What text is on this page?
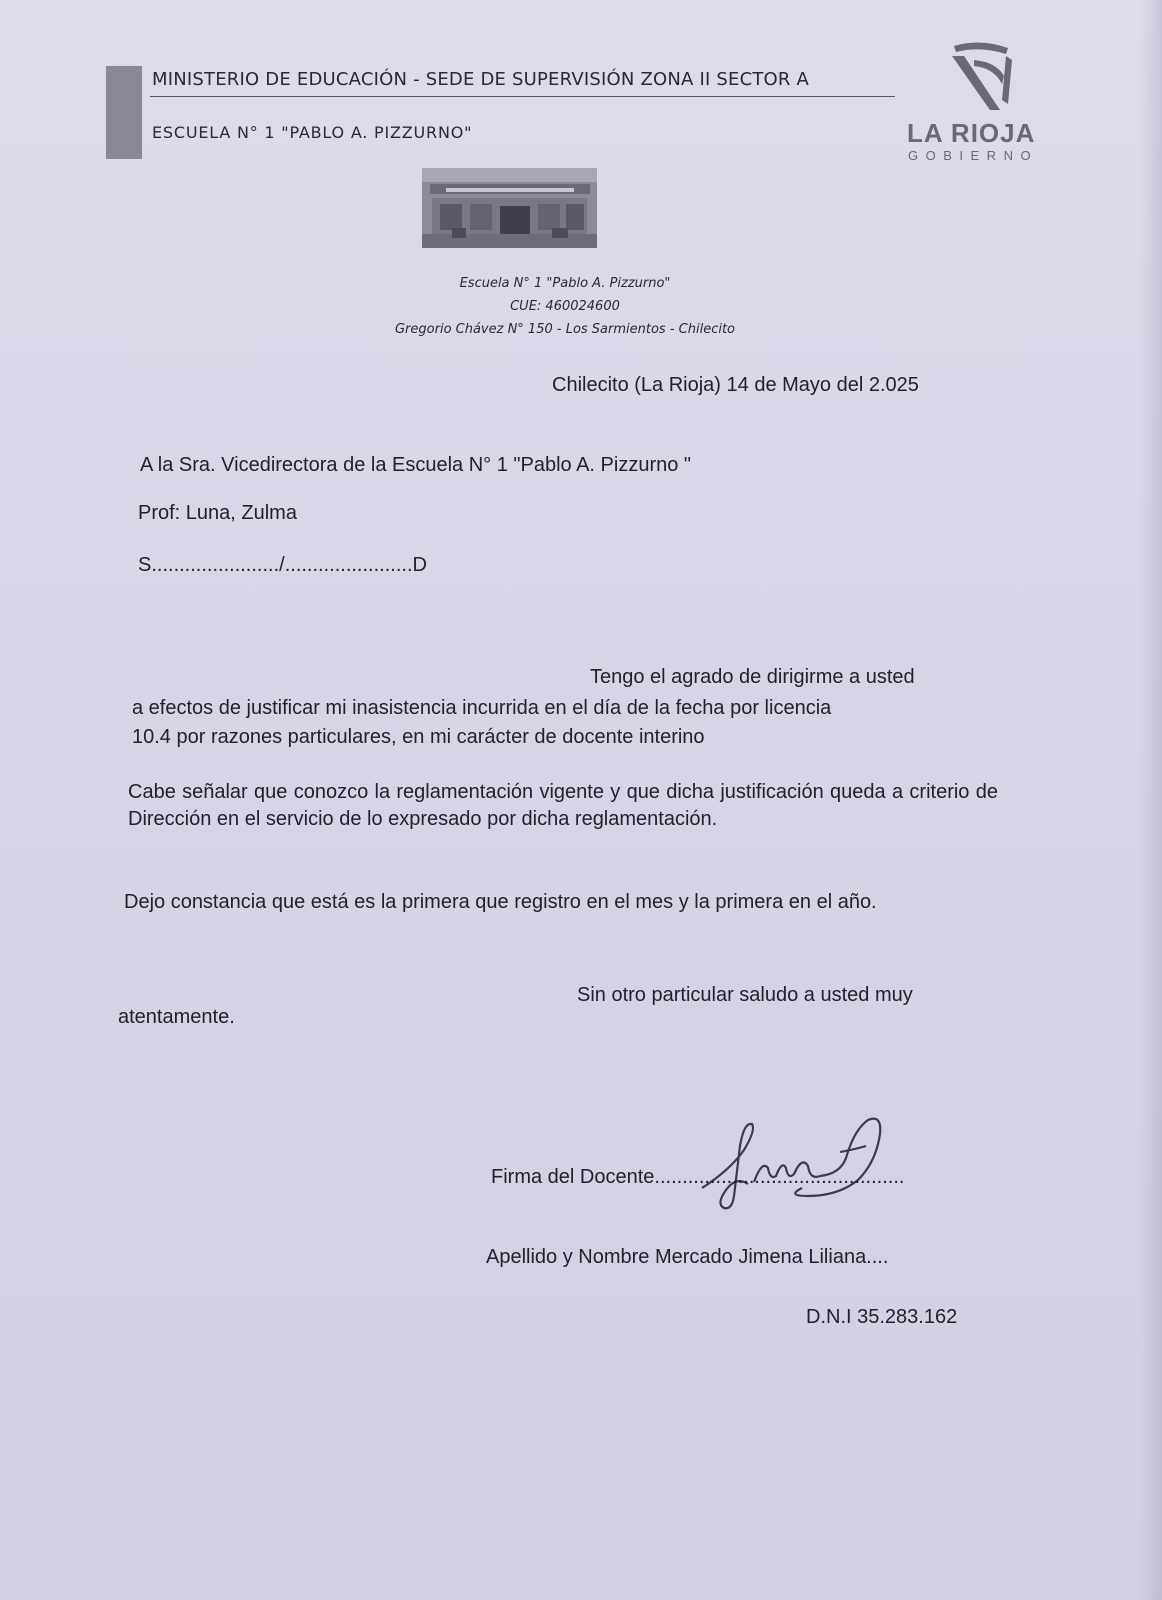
MINISTERIO DE EDUCACIÓN - SEDE DE SUPERVISIÓN ZONA II SECTOR A
ESCUELA N° 1 "PABLO A. PIZZURNO"	LA RIOJA
GOBIERNO
Escuela N° 1 "Pablo A. Pizzurno"
CUE: 460024600
Gregorio Chávez N° 150 - Los Sarmientos - Chilecito
Chilecito (La Rioja) 14 de Mayo del 2.025
A la Sra. Vicedirectora de la Escuela N° 1 "Pablo A. Pizzurno "
Prof: Luna, Zulma
S......................./.......................D
Tengo el agrado de dirigirme a usted
a efectos de justificar mi inasistencia incurrida en el día de la fecha por licencia
10.4 por razones particulares, en mi carácter de docente interino
Cabe señalar que conozco la reglamentación vigente y que dicha justificación queda a criterio de Dirección en el servicio de lo expresado por dicha reglamentación.
Dejo constancia que está es la primera que registro en el mes y la primera en el año.
Sin otro particular saludo a usted muy
atentamente.
Firma del Docente.............................................
Apellido y Nombre Mercado Jimena Liliana....
D.N.I 35.283.162
